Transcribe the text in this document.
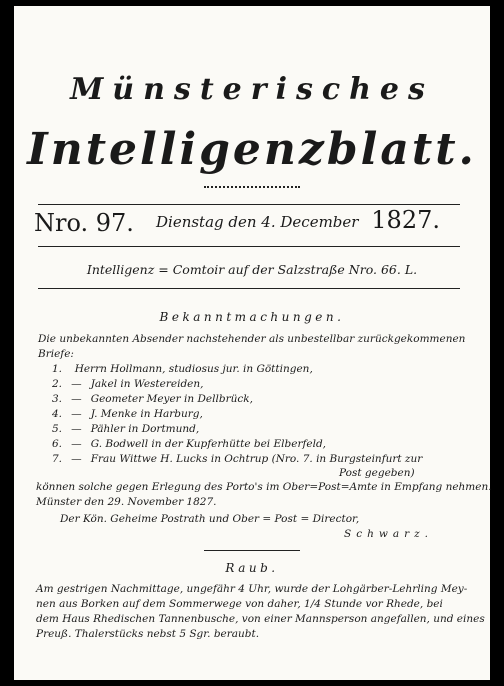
Münsterisches
Intelligenzblatt.
Nro. 97. Dienstag den 4. December 1827.
Intelligenz = Comtoir auf der Salzstraße Nro. 66. L.
Bekanntmachungen.
Die unbekannten Absender nachstehender als unbestellbar zurückgekommenen
Briefe:
1. Herrn Hollmann, studiosus jur. in Göttingen,
2. — Jakel in Westereiden,
3. — Geometer Meyer in Dellbrück,
4. — J. Menke in Harburg,
5. — Pähler in Dortmund,
6. — G. Bodwell in der Kupferhütte bei Elberfeld,
7. — Frau Wittwe H. Lucks in Ochtrup (Nro. 7. in Burgsteinfurt zur
Post gegeben)
können solche gegen Erlegung des Porto's im Ober=Post=Amte in Empfang nehmen.
Münster den 29. November 1827.
Der Kön. Geheime Postrath und Ober = Post = Director,
Schwarz.
Raub.
Am gestrigen Nachmittage, ungefähr 4 Uhr, wurde der Lohgärber-Lehrling Mey-
nen aus Borken auf dem Sommerwege von daher, 1/4 Stunde vor Rhede, bei
dem Haus Rhedischen Tannenbusche, von einer Mannsperson angefallen, und eines
Preuß. Thalerstücks nebst 5 Sgr. beraubt.
